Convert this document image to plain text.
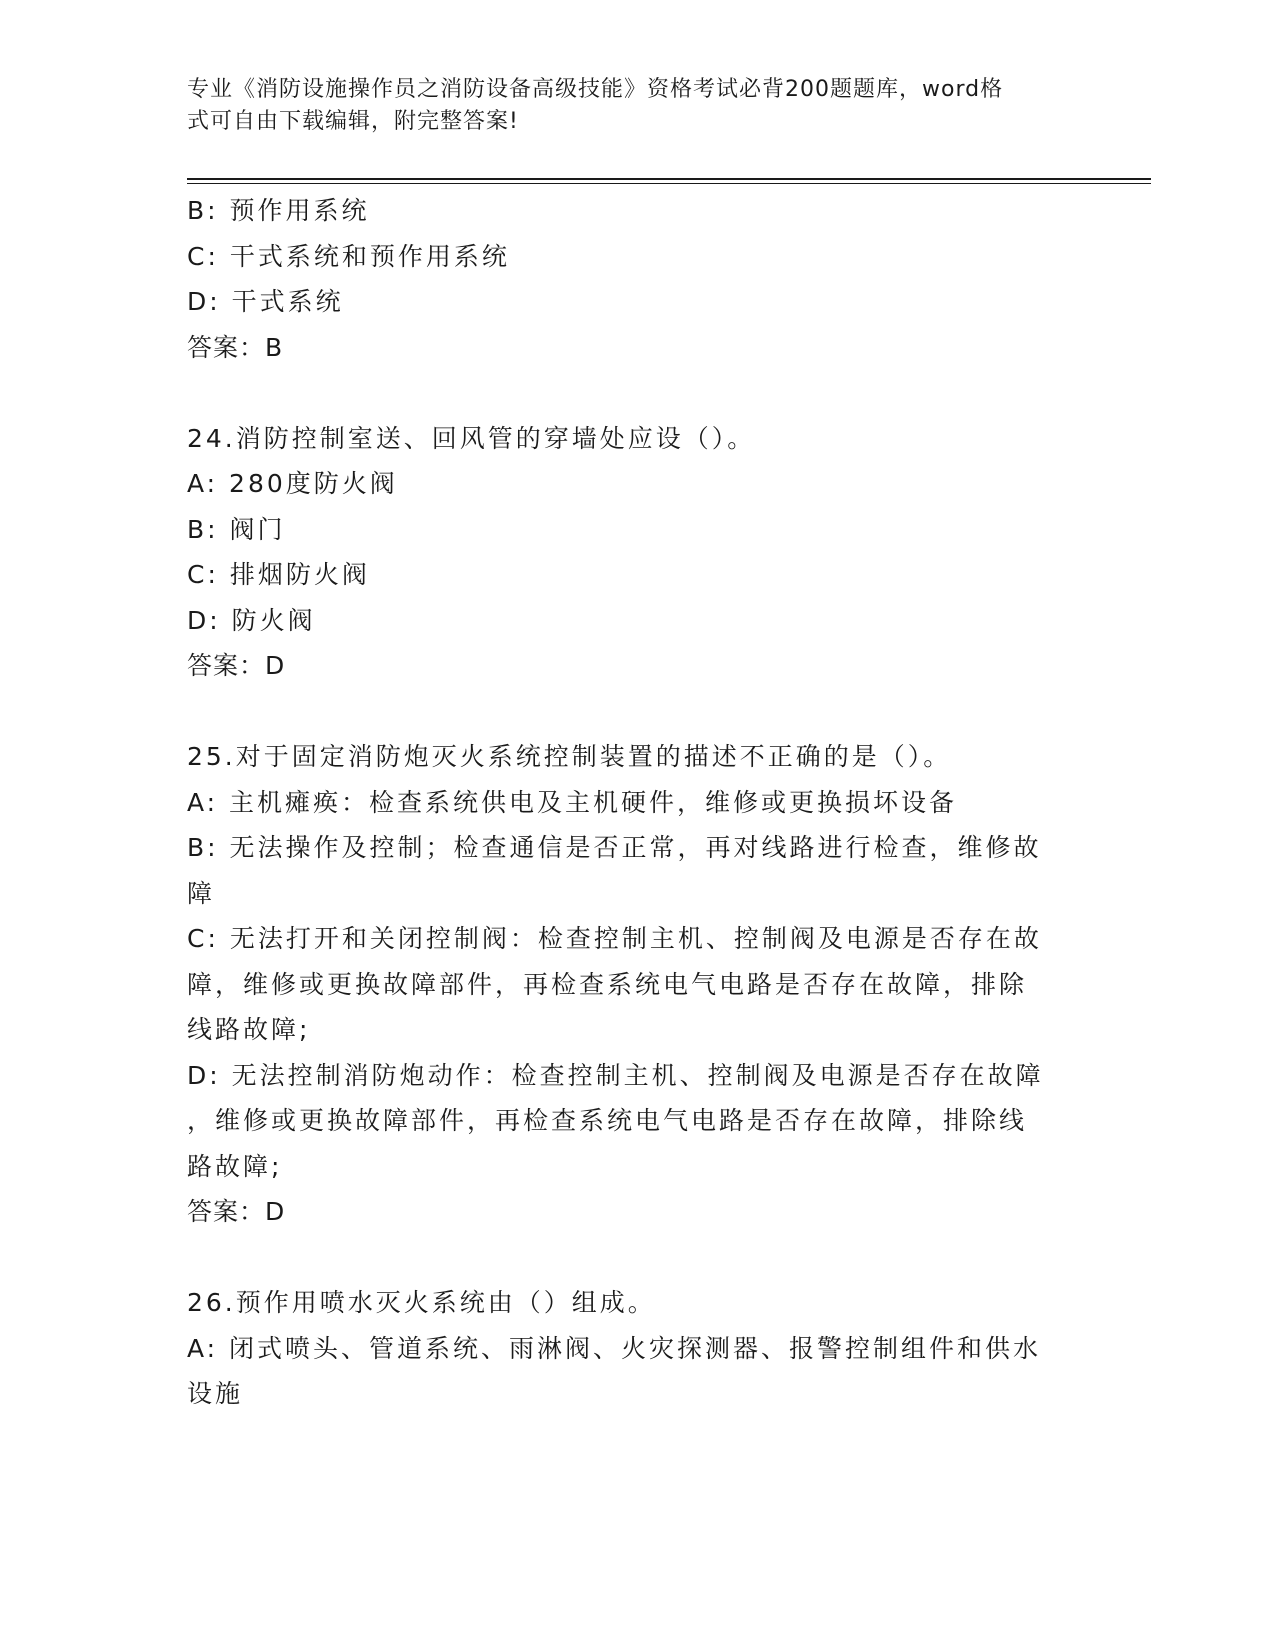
专业《消防设施操作员之消防设备高级技能》资格考试必背200题题库，word格
式可自由下载编辑，附完整答案!
B: 预作用系统
C: 干式系统和预作用系统
D: 干式系统
答案：B
24.消防控制室送、回风管的穿墙处应设（）。
A: 280度防火阀
B: 阀门
C: 排烟防火阀
D: 防火阀
答案：D
25.对于固定消防炮灭火系统控制装置的描述不正确的是（）。
A: 主机瘫痪：检查系统供电及主机硬件，维修或更换损坏设备
B: 无法操作及控制；检查通信是否正常，再对线路进行检查，维修故
障
C: 无法打开和关闭控制阀：检查控制主机、控制阀及电源是否存在故
障，维修或更换故障部件，再检查系统电气电路是否存在故障，排除
线路故障;
D: 无法控制消防炮动作：检查控制主机、控制阀及电源是否存在故障
，维修或更换故障部件，再检查系统电气电路是否存在故障，排除线
路故障;
答案：D
26.预作用喷水灭火系统由（）组成。
A: 闭式喷头、管道系统、雨淋阀、火灾探测器、报警控制组件和供水
设施
